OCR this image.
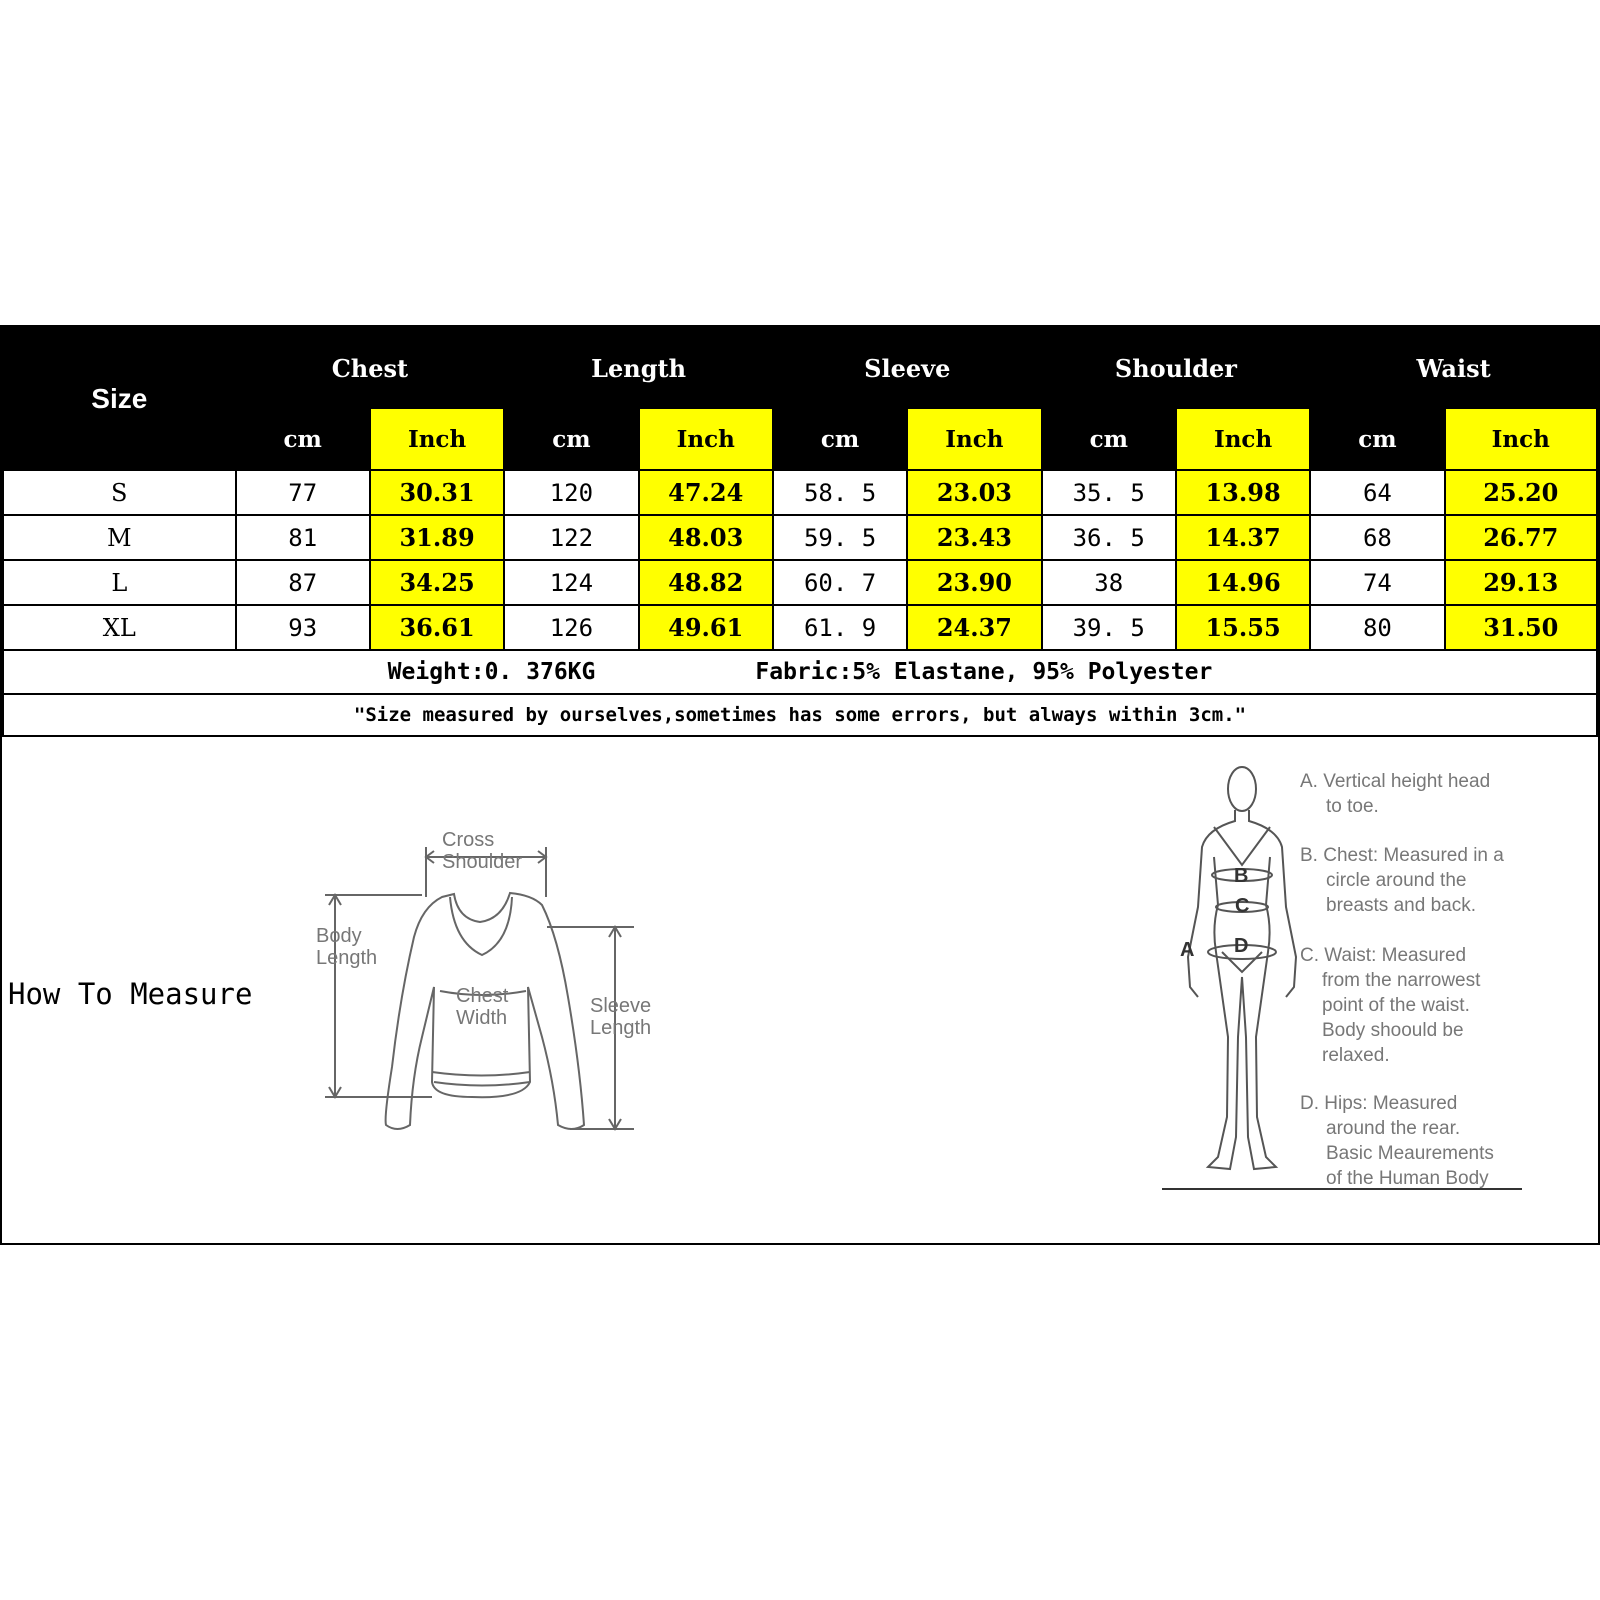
Size	Chest		Length		Sleeve		Shoulder		Waist	
	cm	Inch	cm	Inch	cm	Inch	cm	Inch	cm	Inch
S	77	30.31	120	47.24	58. 5	23.03	35. 5	13.98	64	25.20
M	81	31.89	122	48.03	59. 5	23.43	36. 5	14.37	68	26.77
L	87	34.25	124	48.82	60. 7	23.90	38	14.96	74	29.13
XL	93	36.61	126	49.61	61. 9	24.37	39. 5	15.55	80	31.50

Weight:0. 376KG Fabric:5% Elastane, 95% Polyester										

"Size measured by ourselves,sometimes has some errors, but always within 3cm."										
How To Measure
Cross
Shoulder
Body
Length
Chest
Width
Sleeve
Length
A
B
C
D
A. Vertical height head
to toe.
B. Chest: Measured in a
circle around the
breasts and back.
C. Waist: Measured
from the narrowest
point of the waist.
Body shoould be
relaxed.
D. Hips: Measured
around the rear.
Basic Meaurements
of the Human Body
